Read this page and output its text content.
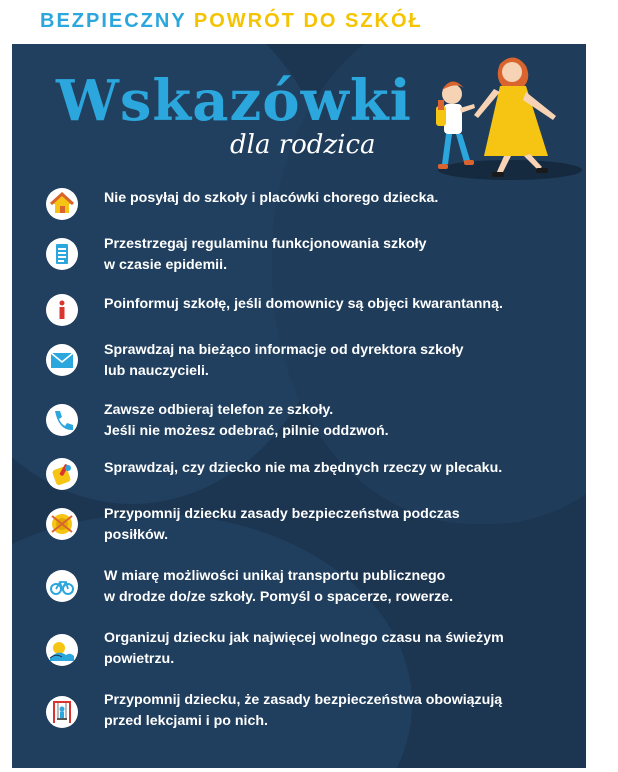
BEZPIECZNY POWRÓT DO SZKÓŁ
Wskazówki
dla rodzica
Nie posyłaj do szkoły i placówki chorego dziecka.
Przestrzegaj regulaminu funkcjonowania szkoły
w czasie epidemii.
Poinformuj szkołę, jeśli domownicy są objęci kwarantanną.
Sprawdzaj na bieżąco informacje od dyrektora szkoły
lub nauczycieli.
Zawsze odbieraj telefon ze szkoły.
Jeśli nie możesz odebrać, pilnie oddzwoń.
Sprawdzaj, czy dziecko nie ma zbędnych rzeczy w plecaku.
Przypomnij dziecku zasady bezpieczeństwa podczas
posiłków.
W miarę możliwości unikaj transportu publicznego
w drodze do/ze szkoły. Pomyśl o spacerze, rowerze.
Organizuj dziecku jak najwięcej wolnego czasu na świeżym
powietrzu.
Przypomnij dziecku, że zasady bezpieczeństwa obowiązują
przed lekcjami i po nich.
